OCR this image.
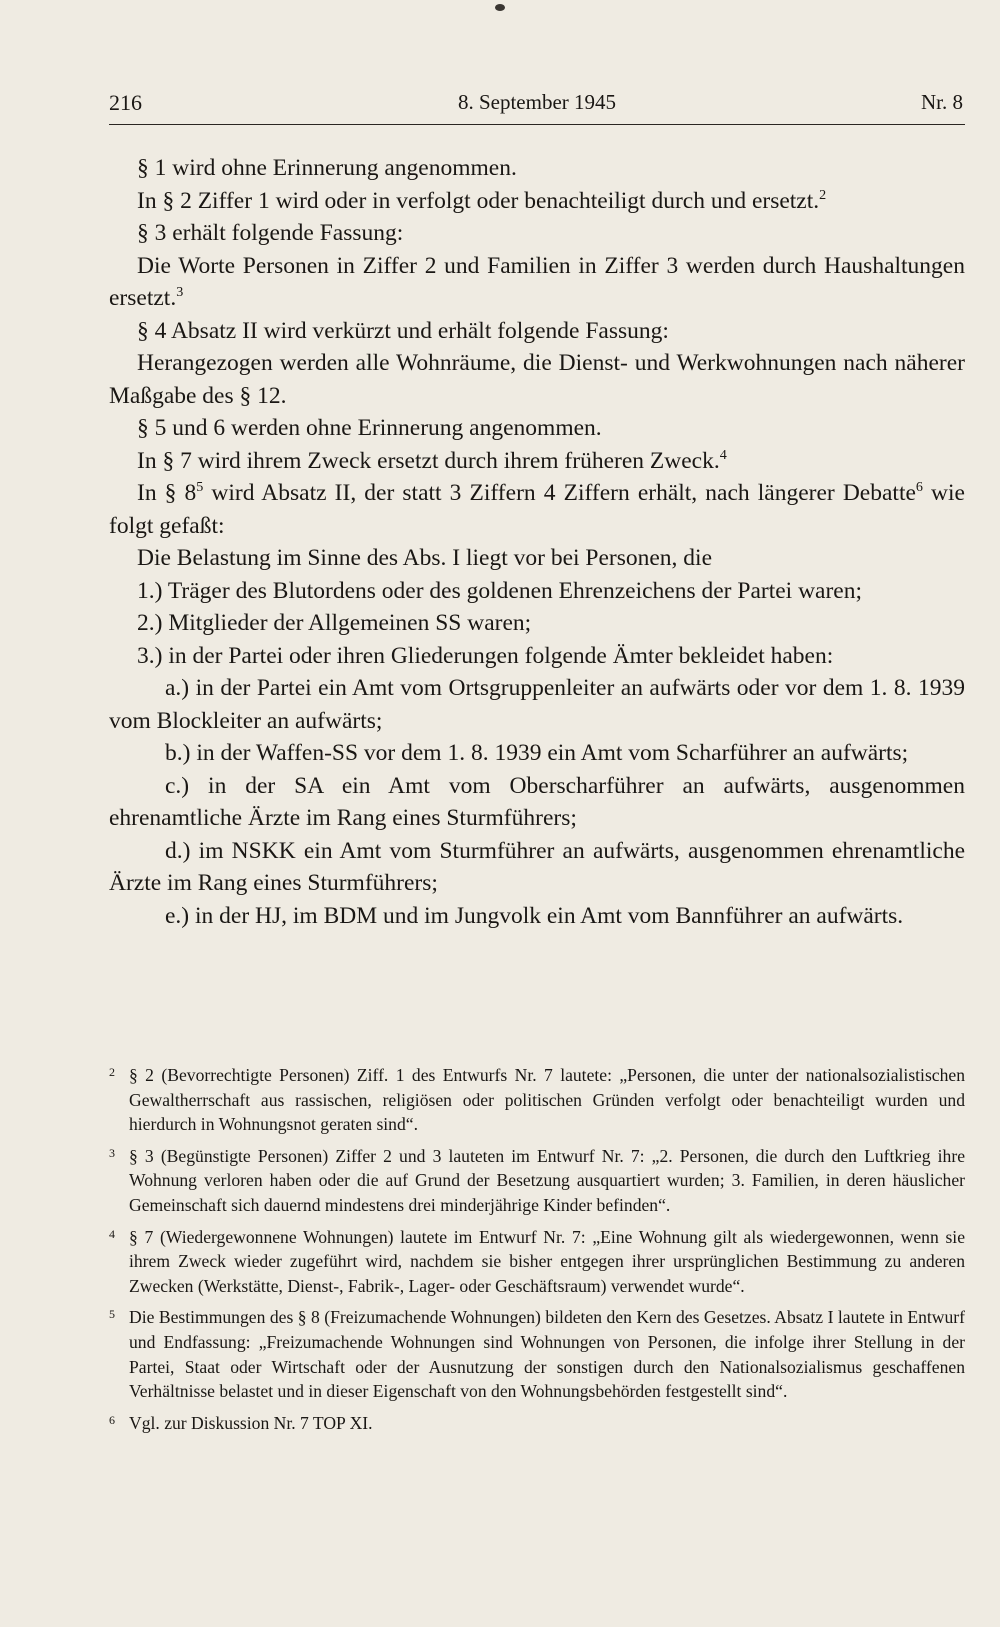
216	8. September 1945	Nr. 8

§ 1 wird ohne Erinnerung angenommen.

In § 2 Ziffer 1 wird oder in verfolgt oder benachteiligt durch und ersetzt.$^2$

§ 3 erhält folgende Fassung:

Die Worte Personen in Ziffer 2 und Familien in Ziffer 3 werden durch Haushaltungen ersetzt.$^3$

§ 4 Absatz II wird verkürzt und erhält folgende Fassung:

Herangezogen werden alle Wohnräume, die Dienst- und Werkwohnungen nach näherer Maßgabe des § 12.

§ 5 und 6 werden ohne Erinnerung angenommen.

In § 7 wird ihrem Zweck ersetzt durch ihrem früheren Zweck.$^4$

In § $8^5$ wird Absatz II, der statt 3 Ziffern 4 Ziffern erhält, nach längerer Debatte$^6$ wie folgt gefaßt:

Die Belastung im Sinne des Abs. I liegt vor bei Personen, die

1.) Träger des Blutordens oder des goldenen Ehrenzeichens der Partei waren;

2.) Mitglieder der Allgemeinen SS waren;

3.) in der Partei oder ihren Gliederungen folgende Ämter bekleidet haben:

a.) in der Partei ein Amt vom Ortsgruppenleiter an aufwärts oder vor dem 1. 8. 1939 vom Blockleiter an aufwärts;

b.) in der Waffen-SS vor dem 1. 8. 1939 ein Amt vom Scharführer an aufwärts;

c.) in der SA ein Amt vom Oberscharführer an aufwärts, ausgenommen ehrenamtliche Ärzte im Rang eines Sturmführers;

d.) im NSKK ein Amt vom Sturmführer an aufwärts, ausgenommen ehrenamtliche Ärzte im Rang eines Sturmführers;

e.) in der HJ, im BDM und im Jungvolk ein Amt vom Bannführer an aufwärts.

2 § 2 (Bevorrechtigte Personen) Ziff. 1 des Entwurfs Nr. 7 lautete: „Personen, die unter der nationalsozialistischen Gewaltherrschaft aus rassischen, religiösen oder politischen Gründen verfolgt oder benachteiligt wurden und hierdurch in Wohnungsnot geraten sind“.
3 § 3 (Begünstigte Personen) Ziffer 2 und 3 lauteten im Entwurf Nr. 7: „2. Personen, die durch den Luftkrieg ihre Wohnung verloren haben oder die auf Grund der Besetzung ausquartiert wurden; 3. Familien, in deren häuslicher Gemeinschaft sich dauernd mindestens drei minderjährige Kinder befinden“.
4 § 7 (Wiedergewonnene Wohnungen) lautete im Entwurf Nr. 7: „Eine Wohnung gilt als wiedergewonnen, wenn sie ihrem Zweck wieder zugeführt wird, nachdem sie bisher entgegen ihrer ursprünglichen Bestimmung zu anderen Zwecken (Werkstätte, Dienst-, Fabrik-, Lager- oder Geschäftsraum) verwendet wurde“.
5 Die Bestimmungen des § 8 (Freizumachende Wohnungen) bildeten den Kern des Gesetzes. Absatz I lautete in Entwurf und Endfassung: „Freizumachende Wohnungen sind Wohnungen von Personen, die infolge ihrer Stellung in der Partei, Staat oder Wirtschaft oder der Ausnutzung der sonstigen durch den Nationalsozialismus geschaffenen Verhältnisse belastet und in dieser Eigenschaft von den Wohnungsbehörden festgestellt sind“.
6 Vgl. zur Diskussion Nr. 7 TOP XI.
